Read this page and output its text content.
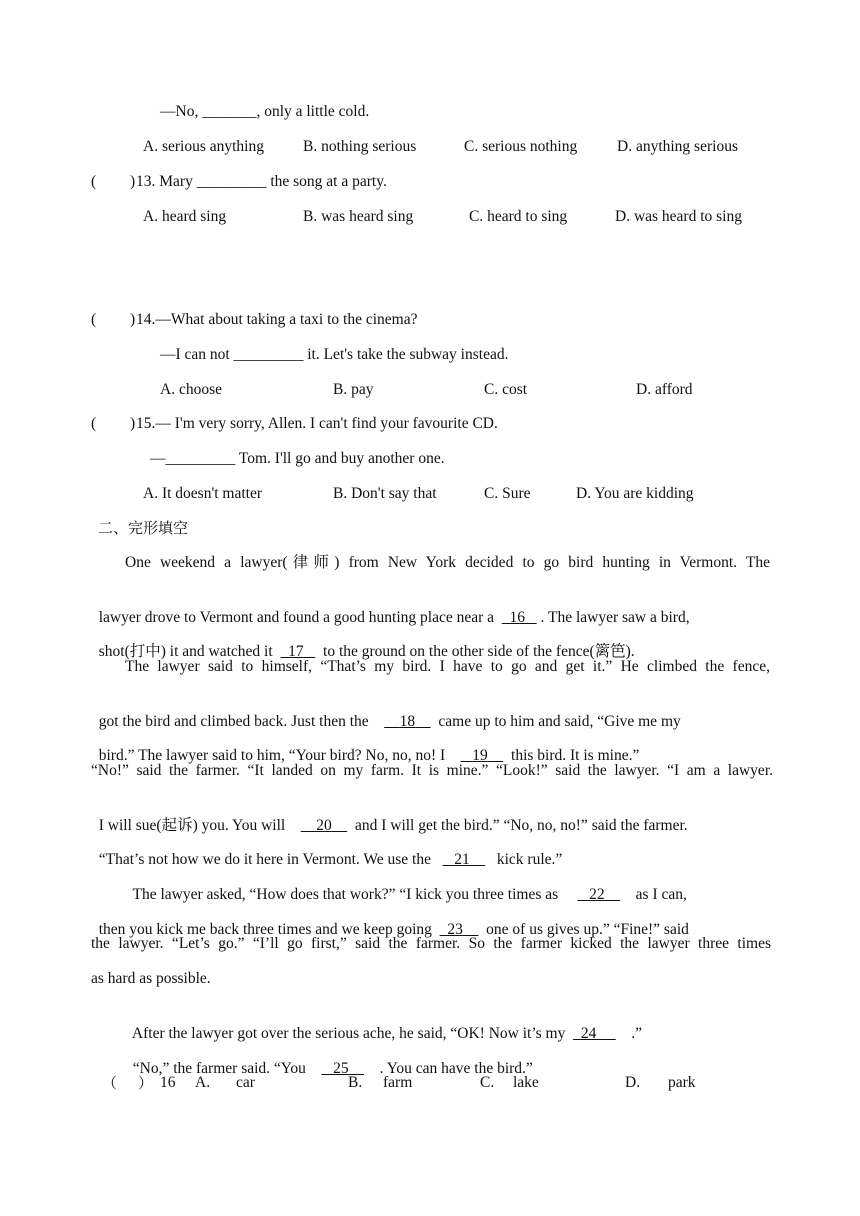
—No, _______, only a little cold.
A. serious anything	B. nothing serious	C. serious nothing	D. anything serious
( ) 13. Mary _________ the song at a party.
A. heard sing	B. was heard sing	C. heard to sing	D. was heard to sing
( ) 14.—What about taking a taxi to the cinema?
—I can not _________ it. Let's take the subway instead.
A. choose	B. pay	C. cost	D. afford
( ) 15.— I'm very sorry, Allen. I can't find your favourite CD.
—_________ Tom. I'll go and buy another one.
A. It doesn't matter	B. Don't say that	C. Sure	D. You are kidding
二、完形填空
One weekend a lawyer(律师) from New York decided to go bird hunting in Vermont. The

lawyer drove to Vermont and found a good hunting place near a 16 . The lawyer saw a bird,

shot(打中) it and watched it 17 to the ground on the other side of the fence(篱笆).

The lawyer said to himself, “That’s my bird. I have to go and get it.” He climbed the fence,

got the bird and climbed back. Just then the 18 came up to him and said, “Give me my

bird.” The lawyer said to him, “Your bird? No, no, no! I 19 this bird. It is mine.”

“No!” said the farmer. “It landed on my farm. It is mine.” “Look!” said the lawyer. “I am a lawyer.

I will sue(起诉) you. You will 20 and I will get the bird.” “No, no, no!” said the farmer.

“That’s not how we do it here in Vermont. We use the 21 kick rule.”

The lawyer asked, “How does that work?” “I kick you three times as 22 as I can,

then you kick me back three times and we keep going 23 one of us gives up.” “Fine!” said

the lawyer. “Let’s go.” “I’ll go first,” said the farmer. So the farmer kicked the lawyer three times
as hard as possible.

After the lawyer got over the serious ache, he said, “OK! Now it’s my 24 .”

“No,” the farmer said. “You 25 . You can have the bird.”

（ ） 16 A. car	B. farm	C. lake	D. park
